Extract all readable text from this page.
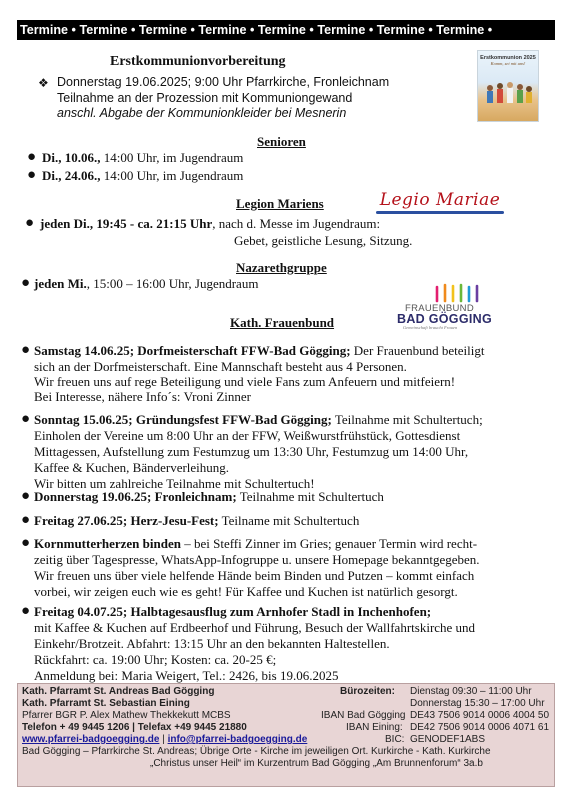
Termine • Termine • Termine • Termine • Termine • Termine • Termine • Termine •
Erstkommunionvorbereitung
❖ Donnerstag 19.06.2025; 9:00 Uhr Pfarrkirche, Fronleichnam
Teilnahme an der Prozession mit Kommuniongewand
anschl. Abgabe der Kommunionkleider bei Mesnerin
Erstkommunion 2025
Komm, sei mit uns!
Senioren
● Di., 10.06., 14:00 Uhr, im Jugendraum
● Di., 24.06., 14:00 Uhr, im Jugendraum
Legion Mariens	Legio Mariae
● jeden Di., 19:45 - ca. 21:15 Uhr, nach d. Messe im Jugendraum:
Gebet, geistliche Lesung, Sitzung.
Nazarethgruppe
● jeden Mi., 15:00 – 16:00 Uhr, Jugendraum
Kath. Frauenbund
FRAUENBUND
BAD GÖGGING
Gemeinschaft braucht Frauen
● Samstag 14.06.25; Dorfmeisterschaft FFW-Bad Gögging; Der Frauenbund beteiligt
sich an der Dorfmeisterschaft. Eine Mannschaft besteht aus 4 Personen.
Wir freuen uns auf rege Beteiligung und viele Fans zum Anfeuern und mitfeiern!
Bei Interesse, nähere Info´s: Vroni Zinner
● Sonntag 15.06.25; Gründungsfest FFW-Bad Gögging; Teilnahme mit Schultertuch;
Einholen der Vereine um 8:00 Uhr an der FFW, Weißwurstfrühstück, Gottesdienst
Mittagessen, Aufstellung zum Festumzug um 13:30 Uhr, Festumzug um 14:00 Uhr,
Kaffee & Kuchen, Bänderverleihung.
Wir bitten um zahlreiche Teilnahme mit Schultertuch!
● Donnerstag 19.06.25; Fronleichnam; Teilnahme mit Schultertuch
● Freitag 27.06.25; Herz-Jesu-Fest; Teilname mit Schultertuch
● Kornmutterherzen binden – bei Steffi Zinner im Gries; genauer Termin wird recht-
zeitig über Tagespresse, WhatsApp-Infogruppe u. unsere Homepage bekanntgegeben.
Wir freuen uns über viele helfende Hände beim Binden und Putzen – kommt einfach
vorbei, wir zeigen euch wie es geht! Für Kaffee und Kuchen ist natürlich gesorgt.
● Freitag 04.07.25; Halbtagesausflug zum Arnhofer Stadl in Inchenhofen;
mit Kaffee & Kuchen auf Erdbeerhof und Führung, Besuch der Wallfahrtskirche und
Einkehr/Brotzeit. Abfahrt: 13:15 Uhr an den bekannten Haltestellen.
Rückfahrt: ca. 19:00 Uhr; Kosten: ca. 20-25 €;
Anmeldung bei: Maria Weigert, Tel.: 2426, bis 19.06.2025
Kath. Pfarramt St. Andreas Bad Gögging
Kath. Pfarramt St. Sebastian Eining
Pfarrer BGR P. Alex Mathew Thekkekutt MCBS
Telefon + 49 9445 1206 | Telefax +49 9445 21880
www.pfarrei-badgoegging.de | info@pfarrei-badgoegging.de
Bad Gögging – Pfarrkirche St. Andreas; Übrige Orte - Kirche im jeweiligen Ort. Kurkirche - Kath. Kurkirche
„Christus unser Heil“ im Kurzentrum Bad Gögging „Am Brunnenforum“ 3a.b
Bürozeiten: Dienstag 09:30 – 11:00 Uhr
Donnerstag 15:30 – 17:00 Uhr
IBAN Bad Gögging DE43 7506 9014 0006 4004 50
IBAN Eining: DE42 7506 9014 0006 4071 61
BIC: GENODEF1ABS
